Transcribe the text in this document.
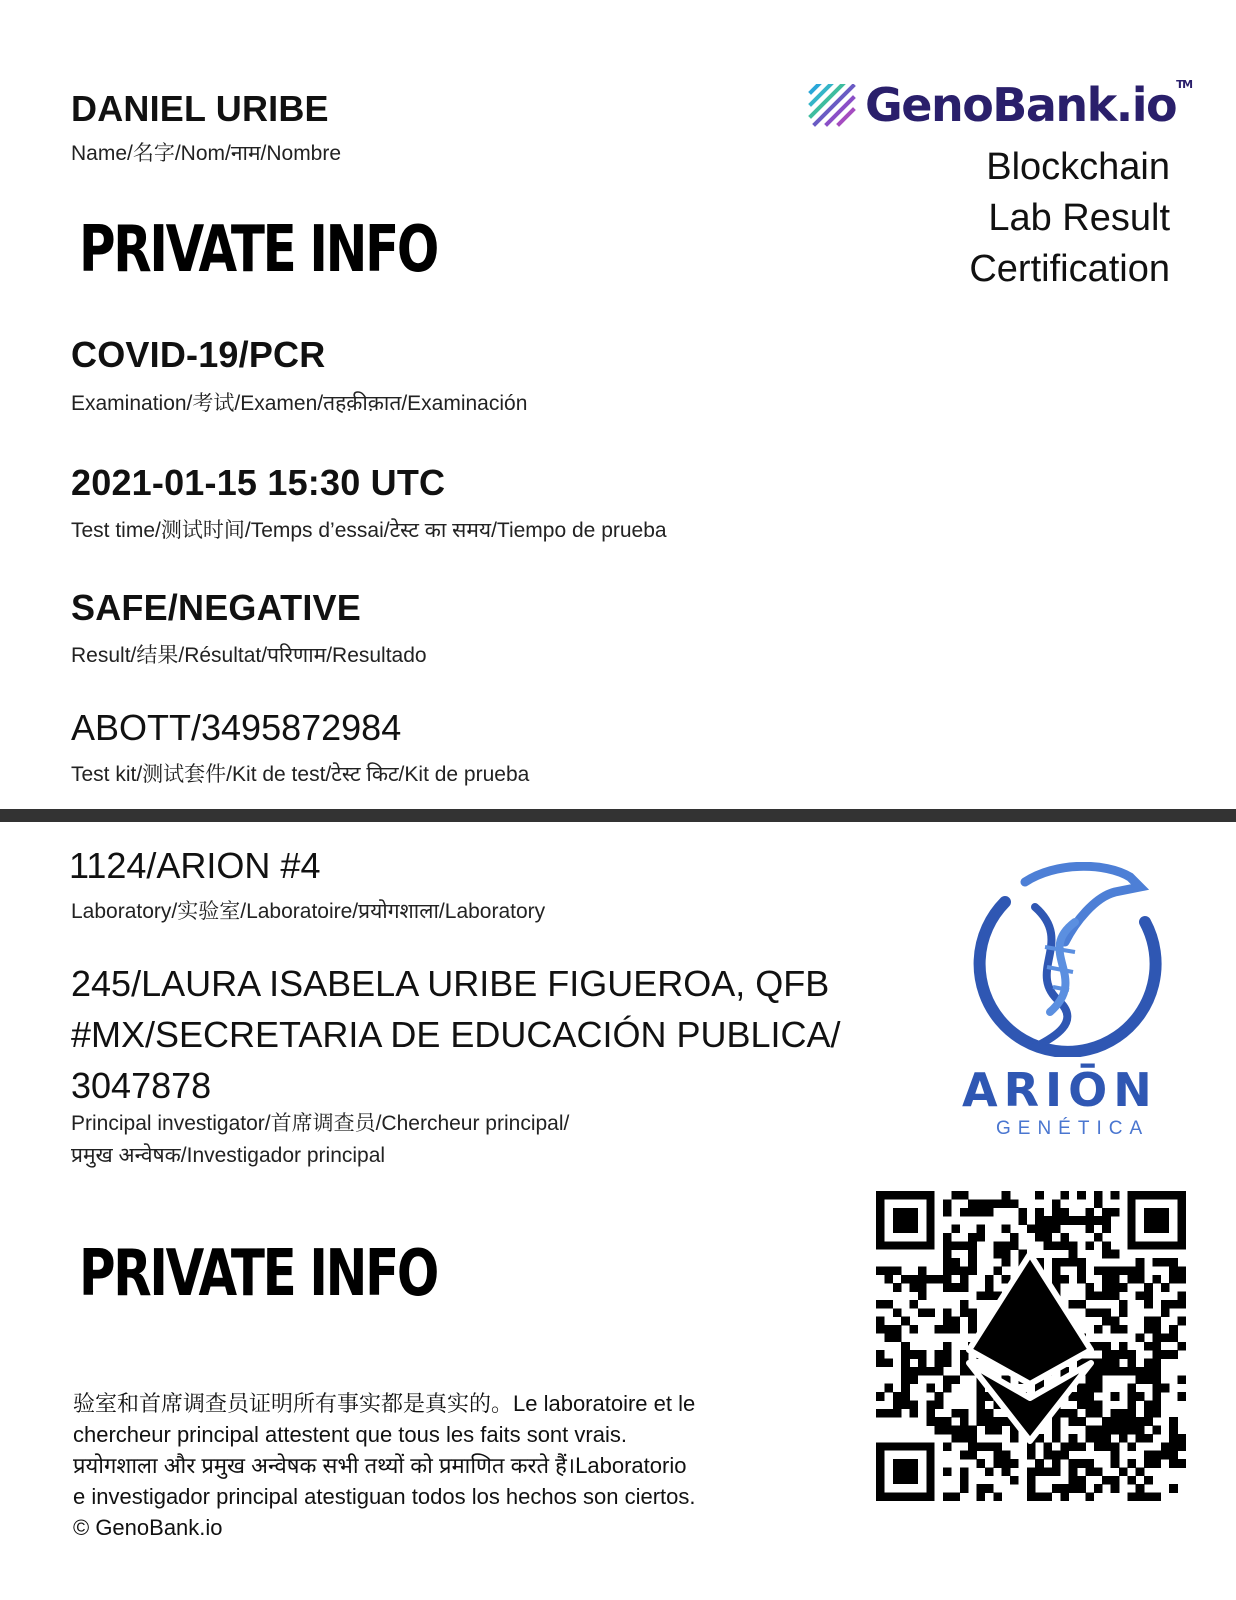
DANIEL URIBE
Name/名字/Nom/नाम/Nombre
PRIVATE INFO
GenoBank.io™
Blockchain
Lab Result
Certification
COVID-19/PCR
Examination/考试/Examen/तहक़ीक़ात/Examinación
2021-01-15 15:30 UTC
Test time/测试时间/Temps d’essai/टेस्ट का समय/Tiempo de prueba
SAFE/NEGATIVE
Result/结果/Résultat/परिणाम/Resultado
ABOTT/3495872984
Test kit/测试套件/Kit de test/टेस्ट किट/Kit de prueba
1124/ARION #4
Laboratory/实验室/Laboratoire/प्रयोगशाला/Laboratory
245/LAURA ISABELA URIBE FIGUEROA, QFB
#MX/SECRETARIA DE EDUCACIÓN PUBLICA/
3047878
Principal investigator/首席调查员/Chercheur principal/
प्रमुख अन्वेषक/Investigador principal
ARIŌN
GENÉTICA
PRIVATE INFO
验室和首席调查员证明所有事实都是真实的。Le laboratoire et le
chercheur principal attestent que tous les faits sont vrais.
प्रयोगशाला और प्रमुख अन्वेषक सभी तथ्यों को प्रमाणित करते हैं।Laboratorio
e investigador principal atestiguan todos los hechos son ciertos.
© GenoBank.io
